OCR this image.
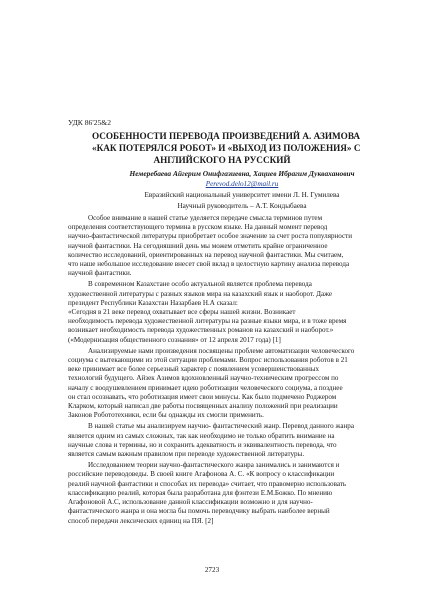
УДК 86'25&2
ОСОБЕННОСТИ ПЕРЕВОДА ПРОИЗВЕДЕНИЙ А. АЗИМОВА
«КАК ПОТЕРЯЛСЯ РОБОТ» И «ВЫХОД ИЗ ПОЛОЖЕНИЯ» С
АНГЛИЙСКОГО НА РУССКИЙ
Немеребаева Айгерим Онифгазиевна, Хациев Ибрагим Дукваханович
Perevod.delo12@mail.ru
Евразийский национальный университет имени Л. Н. Гумилева
Научный руководитель – А.Т. Кондыбаева
Особое внимание в нашей статье уделяется передаче смысла терминов путем
определения соответствующего термина в русском языке. На данный момент перевод
научно-фантастической литературы приобретает особое значение за счет роста популярности
научной фантастики. На сегодняшний день мы можем отметить крайне ограниченное
количество исследований, ориентированных на перевод научной фантастики. Мы считаем,
что наше небольшое исследование внесет свой вклад в целостную картину анализа перевода
научной фантастики.
В современном Казахстане особо актуальной является проблема перевода
художественной литературы с разных языков мира на казахский язык и наоборот. Даже
президент Республики Казахстан Назарбаев Н.А сказал:
«Сегодня в 21 веке перевод охватывает все сферы нашей жизни. Возникает
необходимость перевода художественной литературы на разные языки мира, и в тоже время
возникает необходимость перевода художественных романов на казахский и наоборот.»
(«Модернизация общественного сознания» от 12 апреля 2017 года) [1]
Анализируемые нами произведения посвящены проблеме автоматизации человеческого
социума с вытекающими из этой ситуации проблемами. Вопрос использования роботов в 21
веке принимает все более серьезный характер с появлением усовершенствованных
технологий будущего. Айзек Азимов вдохновленный научно-техническим прогрессом по
началу с воодушевлением принимает идею роботизации человеческого социума, а позднее
он стал осознавать, что роботизация имеет свои минусы. Как было подмечено Роджером
Кларком, который написал две работы посвященных анализу положений при реализации
Законов Робототехники, если бы однажды их смогли применить.
В нашей статье мы анализируем научно- фантастический жанр. Перевод данного жанра
является одним из самых сложных, так как необходимо не только обратить внимание на
научные слова и термины, но и сохранить адекватность и эквивалентность перевода, что
является самым важным правилом при переводе художественной литературы.
Исследованием теории научно-фантастического жанра занимались и занимаются и
российские переводоведы. В своей книге Агафонова А. С. «К вопросу о классификации
реалий научной фантастики и способах их перевода» считает, что правомерно использовать
классификацию реалий, которая была разработана для фэнтези Е.М.Божко. По мнению
Агафоновой А.С, использование данной классификации возможно и для научно-
фантастического жанра и она могла бы помочь переводчику выбрать наиболее верный
способ передачи лексических единиц на ПЯ. [2]
2723
